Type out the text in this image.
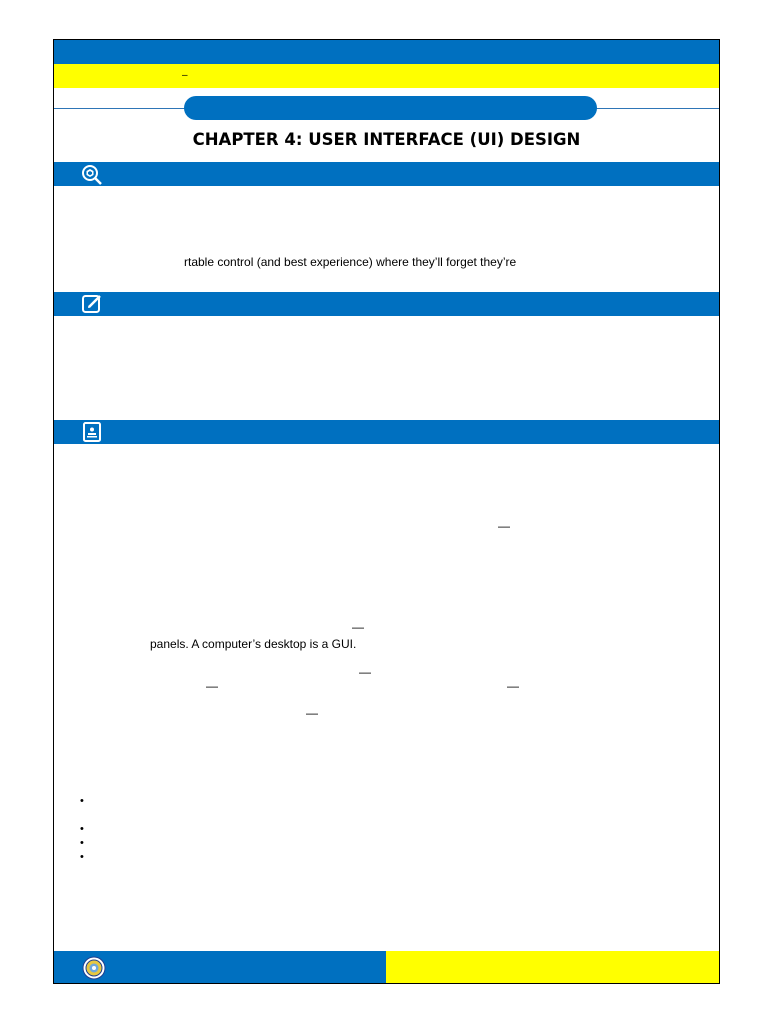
–
CHAPTER 4: USER INTERFACE (UI) DESIGN
rtable control (and best experience) where they’ll forget they’re
—
—
panels. A computer’s desktop is a GUI.
—
—	—
—
•
•
•
•
